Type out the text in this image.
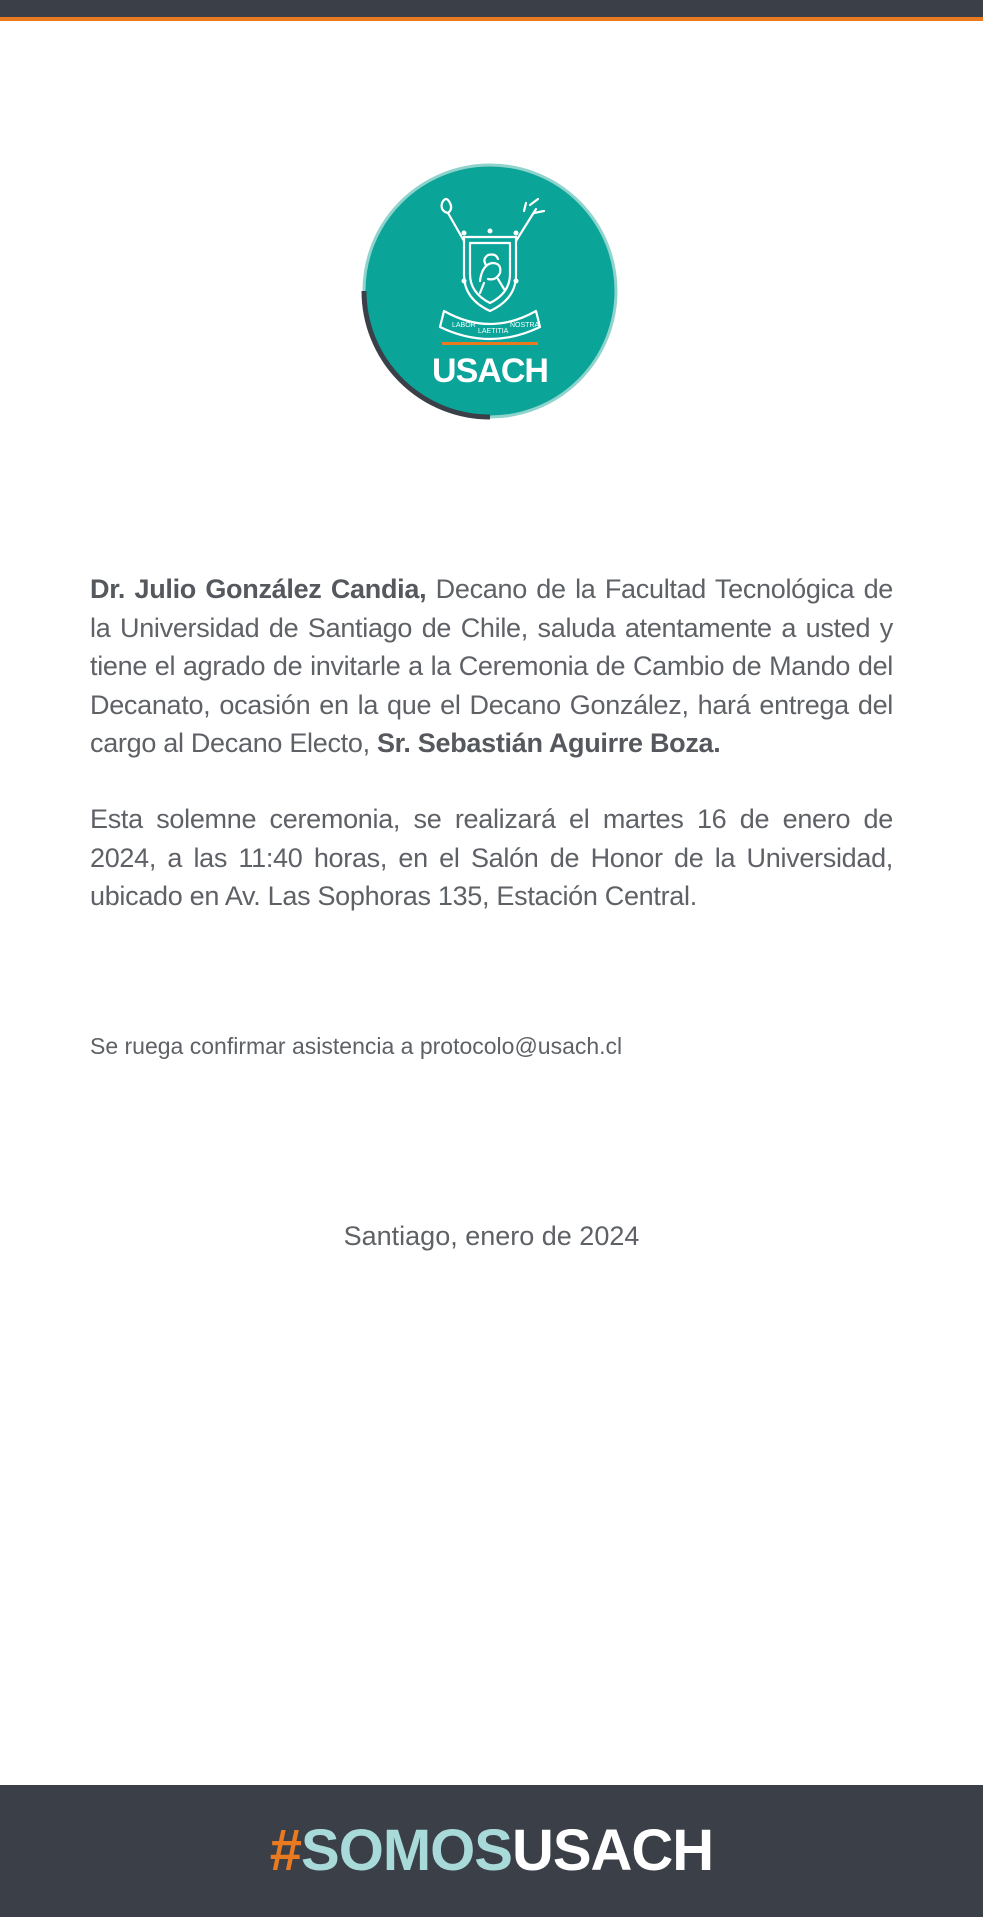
LABOR
LAETITIA
NOSTRA
USACH

Dr. Julio González Candia, Decano de la Facultad Tecnológica de la Universidad de Santiago de Chile, saluda atentamente a usted y tiene el agrado de invitarle a la Ceremonia de Cambio de Mando del Decanato, ocasión en la que el Decano González, hará entrega del cargo al Decano Electo, Sr. Sebastián Aguirre Boza.

Esta solemne ceremonia, se realizará el martes 16 de enero de 2024, a las 11:40 horas, en el Salón de Honor de la Universidad, ubicado en Av. Las Sophoras 135, Estación Central.

Se ruega confirmar asistencia a protocolo@usach.cl

Santiago, enero de 2024

#SOMOSUSACH
